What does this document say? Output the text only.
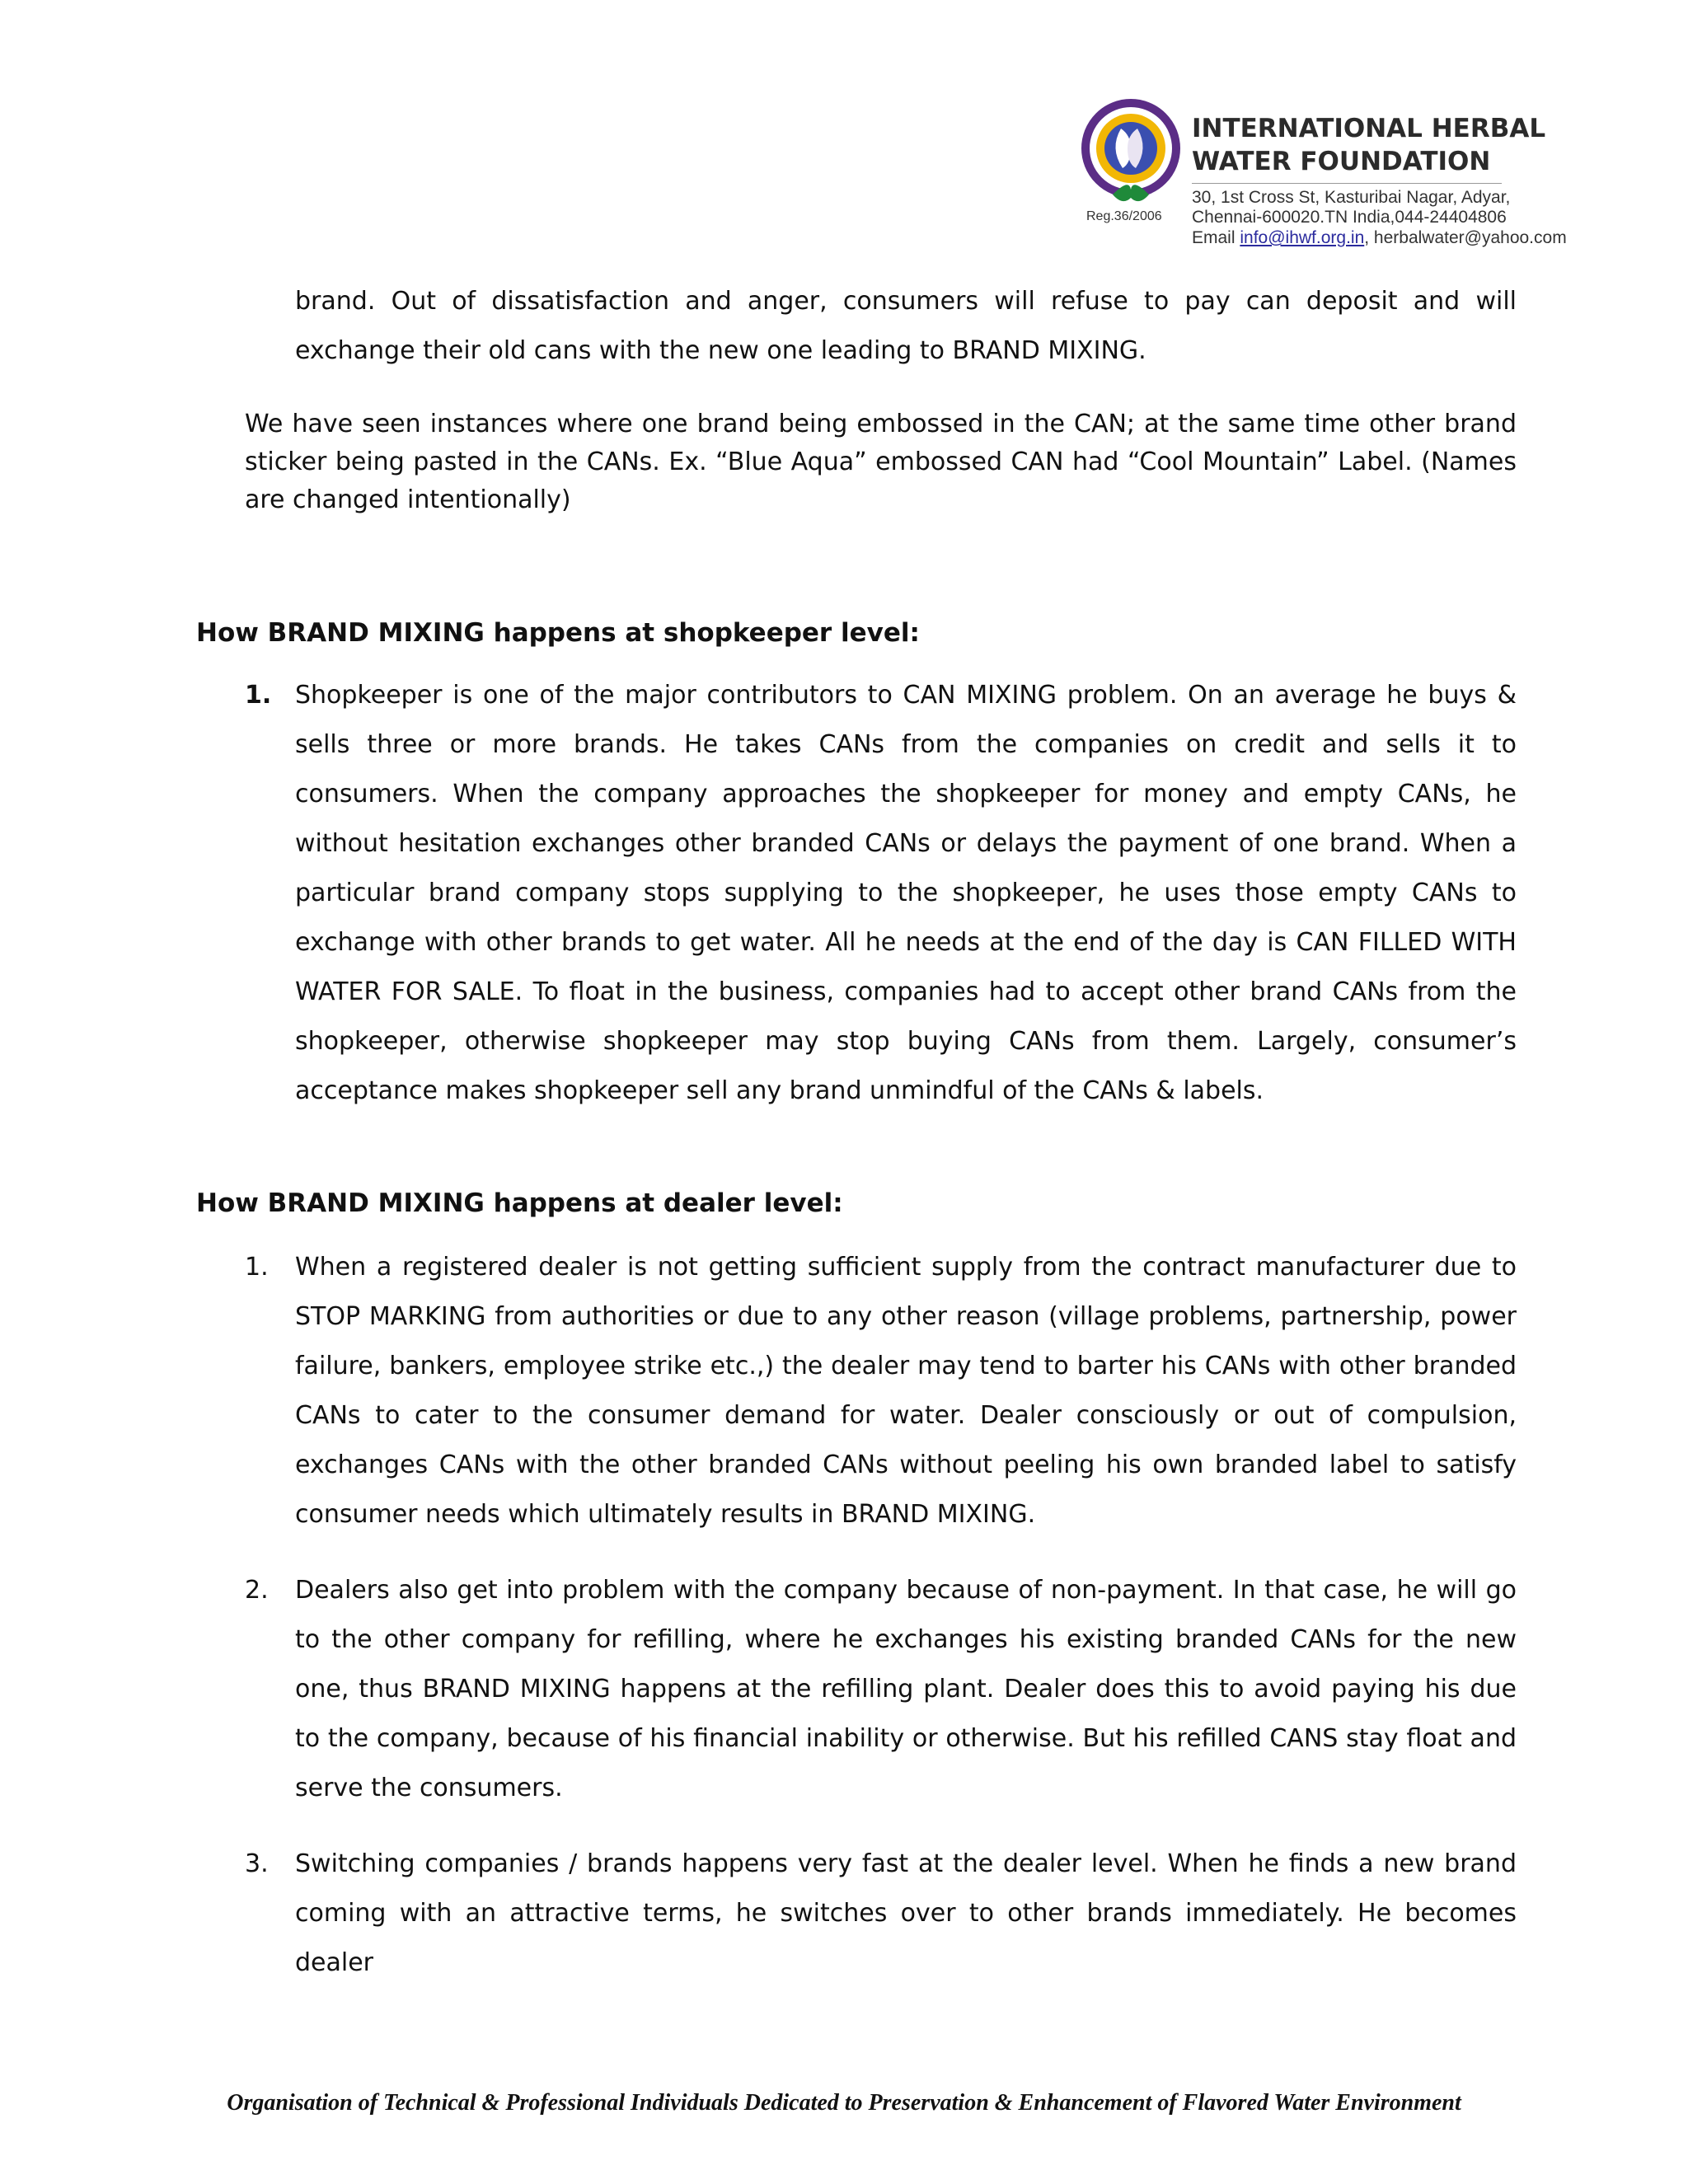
Reg.36/2006
INTERNATIONAL HERBAL
WATER FOUNDATION
30, 1st Cross St, Kasturibai Nagar, Adyar,
Chennai-600020.TN India,044-24404806
Email info@ihwf.org.in, herbalwater@yahoo.com

brand. Out of dissatisfaction and anger, consumers will refuse to pay can deposit and will exchange their old cans with the new one leading to BRAND MIXING.

We have seen instances where one brand being embossed in the CAN; at the same time other brand sticker being pasted in the CANs. Ex. “Blue Aqua” embossed CAN had “Cool Mountain” Label. (Names are changed intentionally)

How BRAND MIXING happens at shopkeeper level:
1. Shopkeeper is one of the major contributors to CAN MIXING problem. On an average he buys & sells three or more brands. He takes CANs from the companies on credit and sells it to consumers. When the company approaches the shopkeeper for money and empty CANs, he without hesitation exchanges other branded CANs or delays the payment of one brand. When a particular brand company stops supplying to the shopkeeper, he uses those empty CANs to exchange with other brands to get water. All he needs at the end of the day is CAN FILLED WITH WATER FOR SALE. To float in the business, companies had to accept other brand CANs from the shopkeeper, otherwise shopkeeper may stop buying CANs from them. Largely, consumer’s acceptance makes shopkeeper sell any brand unmindful of the CANs & labels.

How BRAND MIXING happens at dealer level:
1. When a registered dealer is not getting sufficient supply from the contract manufacturer due to STOP MARKING from authorities or due to any other reason (village problems, partnership, power failure, bankers, employee strike etc.,) the dealer may tend to barter his CANs with other branded CANs to cater to the consumer demand for water. Dealer consciously or out of compulsion, exchanges CANs with the other branded CANs without peeling his own branded label to satisfy consumer needs which ultimately results in BRAND MIXING.

2. Dealers also get into problem with the company because of non-payment. In that case, he will go to the other company for refilling, where he exchanges his existing branded CANs for the new one, thus BRAND MIXING happens at the refilling plant. Dealer does this to avoid paying his due to the company, because of his financial inability or otherwise. But his refilled CANS stay float and serve the consumers.

3. Switching companies / brands happens very fast at the dealer level. When he finds a new brand coming with an attractive terms, he switches over to other brands immediately. He becomes dealer

Organisation of Technical & Professional Individuals Dedicated to Preservation & Enhancement of Flavored Water Environment
